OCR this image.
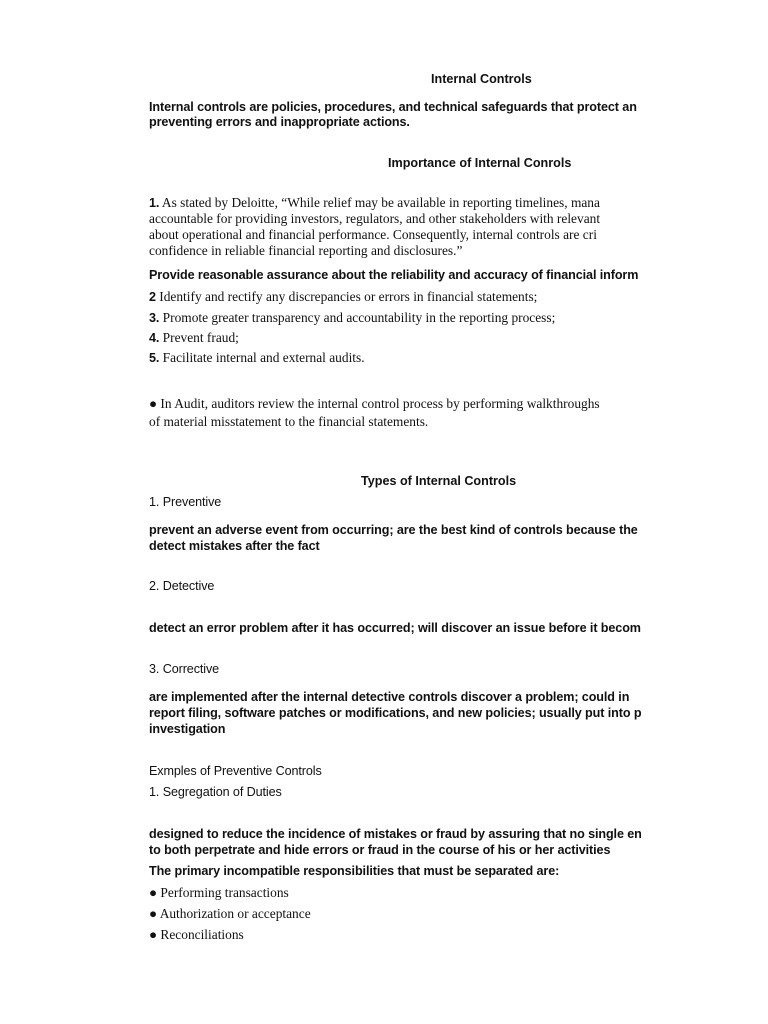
Internal Controls
Importance of Internal Conrols
Types of Internal Controls

Internal controls are policies, procedures, and technical safeguards that protect an

preventing errors and inappropriate actions.

1. As stated by Deloitte, “While relief may be available in reporting timelines, mana

accountable for providing investors, regulators, and other stakeholders with relevant

about operational and financial performance. Consequently, internal controls are cri

confidence in reliable financial reporting and disclosures.”

Provide reasonable assurance about the reliability and accuracy of financial inform

2 Identify and rectify any discrepancies or errors in financial statements;

3. Promote greater transparency and accountability in the reporting process;

4. Prevent fraud;

5. Facilitate internal and external audits.

● In Audit, auditors review the internal control process by performing walkthroughs

of material misstatement to the financial statements.

1. Preventive

prevent an adverse event from occurring; are the best kind of controls because the

detect mistakes after the fact

2. Detective

detect an error problem after it has occurred; will discover an issue before it becom

3. Corrective

are implemented after the internal detective controls discover a problem; could in

report filing, software patches or modifications, and new policies; usually put into p

investigation

Exmples of Preventive Controls

1. Segregation of Duties

designed to reduce the incidence of mistakes or fraud by assuring that no single en

to both perpetrate and hide errors or fraud in the course of his or her activities

The primary incompatible responsibilities that must be separated are:

● Performing transactions

● Authorization or acceptance

● Reconciliations
